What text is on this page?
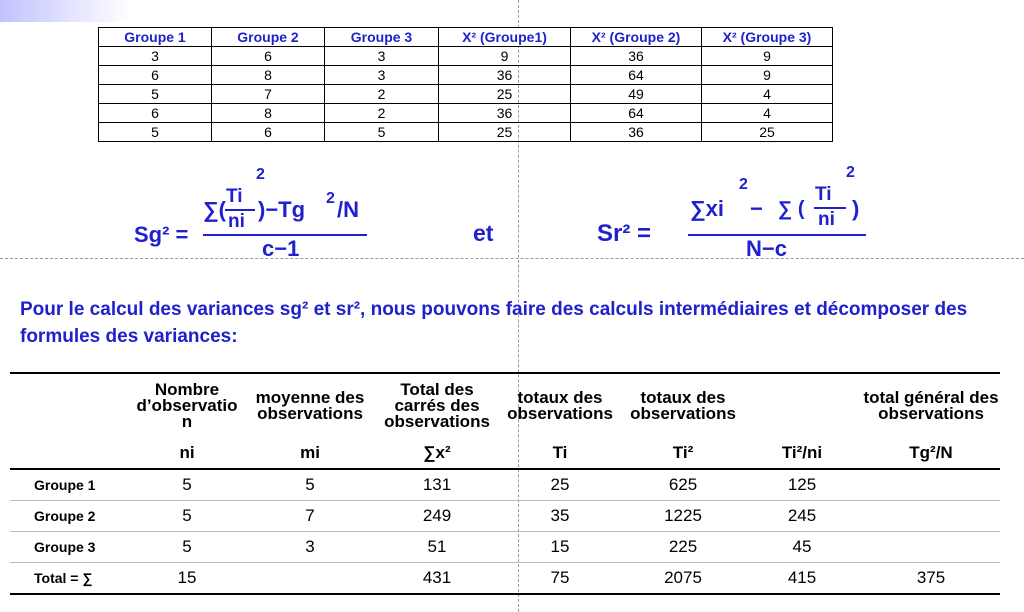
Groupe 1	Groupe 2	Groupe 3	X² (Groupe1)	X² (Groupe 2)	X² (Groupe 3)
3	6	3	9	36	9
6	8	3	36	64	9
5	7	2	25	49	4
6	8	2	36	64	4
5	6	5	25	36	25
Sg² =
∑(
2
Ti
ni )−Tg 2 /N
c−1
et	Sr² =
∑xi
2
− ∑ (
2
Ti
ni )
N−c
Pour le calcul des variances sg² et sr², nous pouvons faire des calculs intermédiaires et décomposer des formules des variances:
	Nombre d’observatio n	moyenne des observations	Total des carrés des observations	totaux des observations	totaux des observations		total général des observations
	ni	mi	∑x²	Ti	Ti²	Ti²/ni	Tg²/N
Groupe 1	5	5	131	25	625	125	
Groupe 2	5	7	249	35	1225	245	
Groupe 3	5	3	51	15	225	45	
Total = ∑	15		431	75	2075	415	375
